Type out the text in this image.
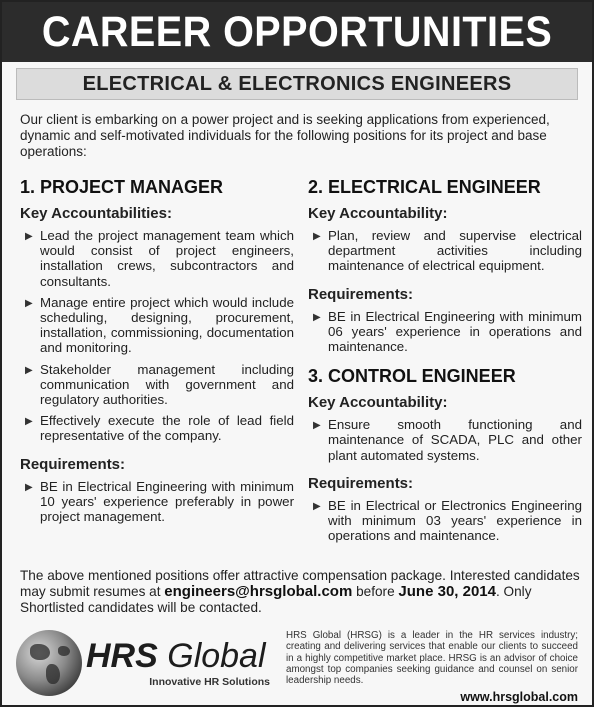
CAREER OPPORTUNITIES
ELECTRICAL & ELECTRONICS ENGINEERS

Our client is embarking on a power project and is seeking applications from experienced, dynamic and self-motivated individuals for the following positions for its project and base operations:

1. PROJECT MANAGER
Key Accountabilities:
▶ Lead the project management team which would consist of project engineers, installation crews, subcontractors and consultants.
▶ Manage entire project which would include scheduling, designing, procurement, installation, commissioning, documentation and monitoring.
▶ Stakeholder management including communication with government and regulatory authorities.
▶ Effectively execute the role of lead field representative of the company.
Requirements:
▶ BE in Electrical Engineering with minimum 10 years' experience preferably in power project management.
2. ELECTRICAL ENGINEER
Key Accountability:
▶ Plan, review and supervise electrical department activities including maintenance of electrical equipment.
Requirements:
▶ BE in Electrical Engineering with minimum 06 years' experience in operations and maintenance.
3. CONTROL ENGINEER
Key Accountability:
▶ Ensure smooth functioning and maintenance of SCADA, PLC and other plant automated systems.
Requirements:
▶ BE in Electrical or Electronics Engineering with minimum 03 years' experience in operations and maintenance.

The above mentioned positions offer attractive compensation package. Interested candidates may submit resumes at engineers@hrsglobal.com before June 30, 2014. Only Shortlisted candidates will be contacted.

HRS Global
Innovative HR Solutions

HRS Global (HRSG) is a leader in the HR services industry; creating and delivering services that enable our clients to succeed in a highly competitive market place. HRSG is an advisor of choice amongst top companies seeking guidance and counsel on senior leadership needs.

www.hrsglobal.com
